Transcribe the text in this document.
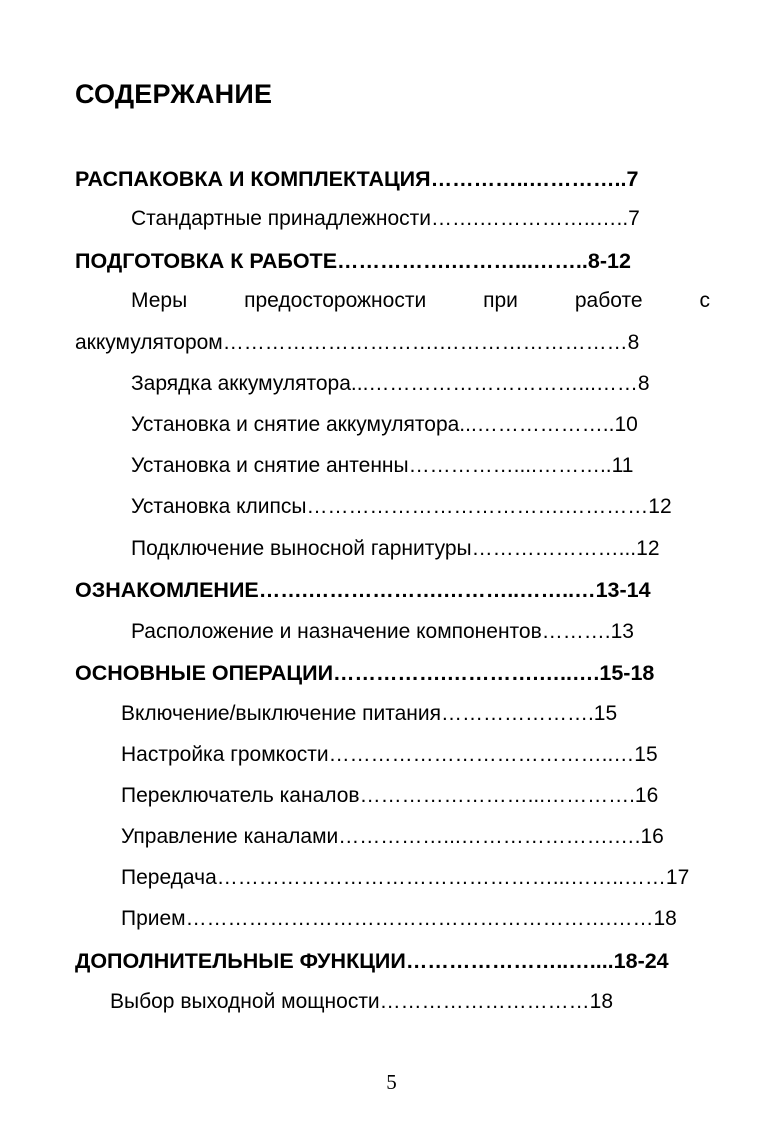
СОДЕРЖАНИЕ
РАСПАКОВКА И КОМПЛЕКТАЦИЯ…………..…………..7
Стандартные принадлежности…….……………..…..7
ПОДГОТОВКА К РАБОТЕ…………….………...……..8-12
Меры	предосторожности	при	работе	с
аккумулятором………………………….………………………8
Зарядка аккумулятора...…………………………...……8
Установка и снятие аккумулятора...………………..10
Установка и снятие антенны……………....………..11
Установка клипсы……………………………….…………12
Подключение выносной гарнитуры…………………...12
ОЗНАКОМЛЕНИЕ…….……………….………..……..…13-14
Расположение и назначение компонентов……….13
ОСНОВНЫЕ ОПЕРАЦИИ…………….………….…..….15-18
Включение/выключение питания………………….15
Настройка громкости…………………………………..…15
Переключатель каналов……………………...………….16
Управление каналами……………...………………….….16
Передача…………………………………………...……..……17
Прием…………………………………………………….……18
ДОПОЛНИТЕЛЬНЫЕ ФУНКЦИИ…………………..…....18-24
Выбор выходной мощности…………………………18
5
